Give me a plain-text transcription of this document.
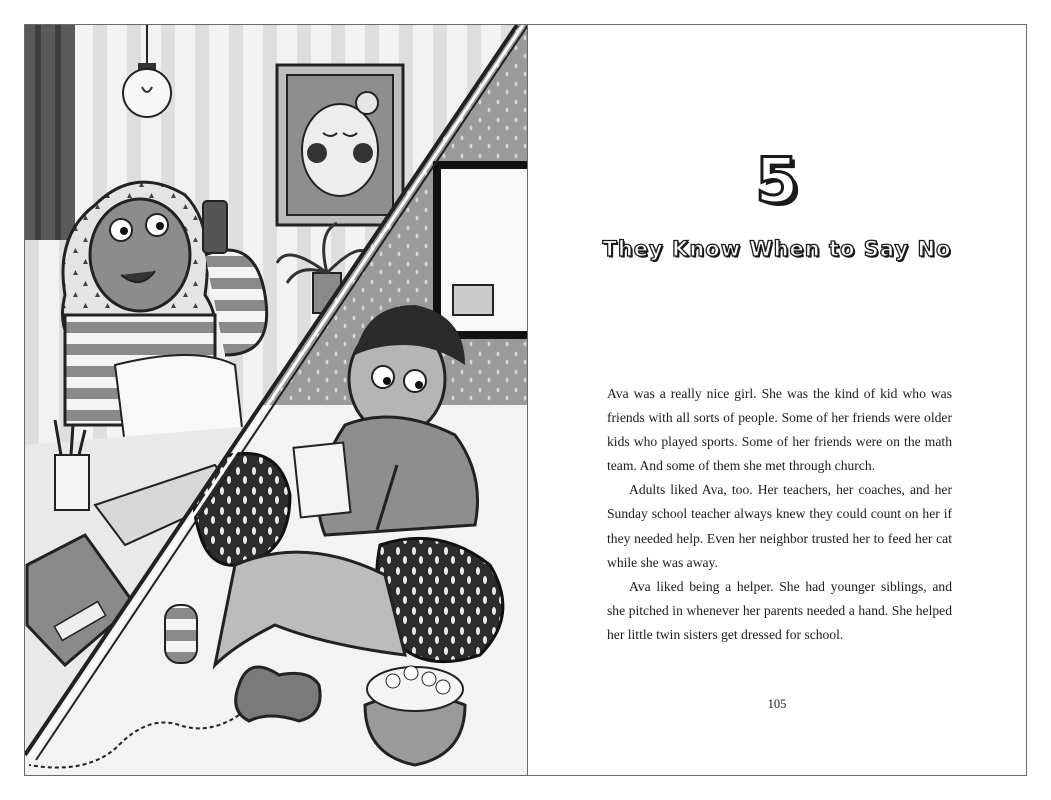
5
They Know When to Say No

Ava was a really nice girl. She was the kind of kid who was friends with all sorts of people. Some of her friends were older kids who played sports. Some of her friends were on the math team. And some of them she met through church.

Adults liked Ava, too. Her teachers, her coaches, and her Sunday school teacher always knew they could count on her if they needed help. Even her neighbor trusted her to feed her cat while she was away.

Ava liked being a helper. She had younger siblings, and she pitched in whenever her parents needed a hand. She helped her little twin sisters get dressed for school.

105
